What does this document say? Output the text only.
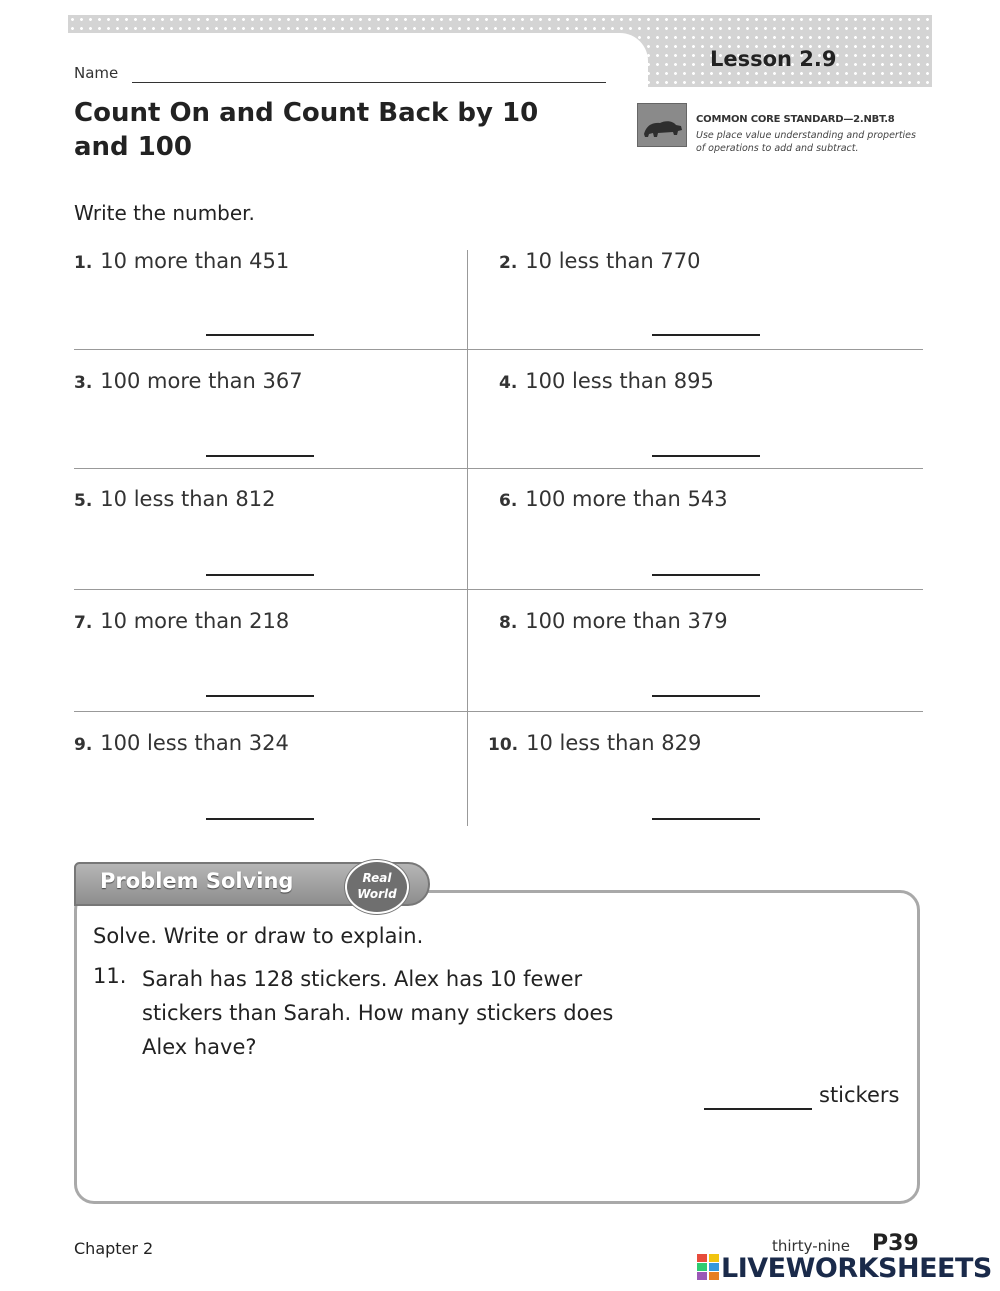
Name
Lesson 2.9
Count On and Count Back by 10 and 100
COMMON CORE STANDARD—2.NBT.8
Use place value understanding and properties of operations to add and subtract.
Write the number.
1. 10 more than 451	2. 10 less than 770
3. 100 more than 367	4. 100 less than 895
5. 10 less than 812	6. 100 more than 543
7. 10 more than 218	8. 100 more than 379
9. 100 less than 324	10. 10 less than 829
Problem Solving	Real
World
Solve. Write or draw to explain.
11. Sarah has 128 stickers. Alex has 10 fewer stickers than Sarah. How many stickers does Alex have?
stickers
Chapter 2	thirty-nine P39
LIVEWORKSHEETS
